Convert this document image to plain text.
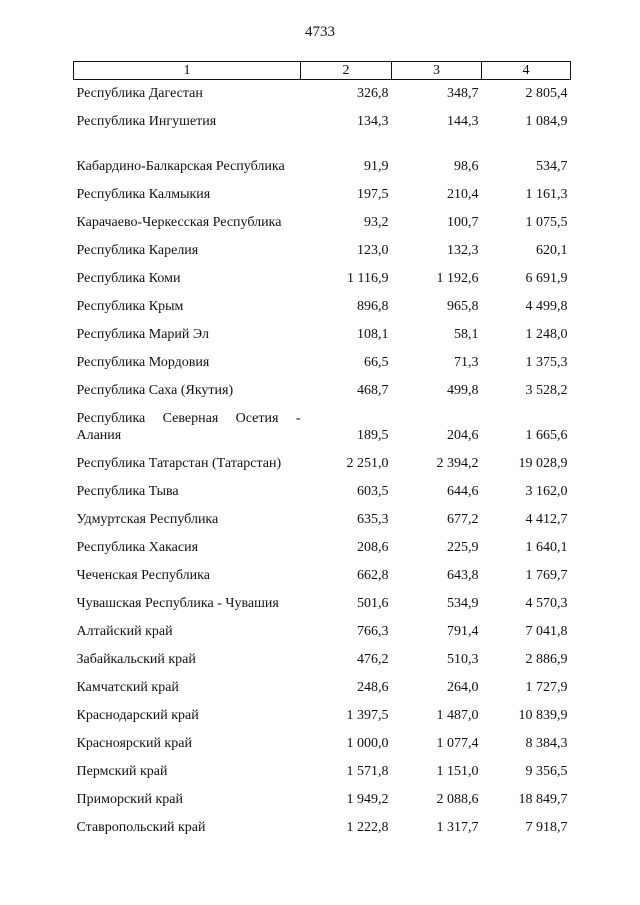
4733
1	2	3	4
Республика Дагестан	326,8	348,7	2 805,4
Республика Ингушетия	134,3	144,3	1 084,9
Кабардино-Балкарская Республика	91,9	98,6	534,7
Республика Калмыкия	197,5	210,4	1 161,3
Карачаево-Черкесская Республика	93,2	100,7	1 075,5
Республика Карелия	123,0	132,3	620,1
Республика Коми	1 116,9	1 192,6	6 691,9
Республика Крым	896,8	965,8	4 499,8
Республика Марий Эл	108,1	58,1	1 248,0
Республика Мордовия	66,5	71,3	1 375,3
Республика Саха (Якутия)	468,7	499,8	3 528,2

Республика Северная Осетия - Алания	189,5	204,6	1 665,6
Республика Татарстан (Татарстан)	2 251,0	2 394,2	19 028,9
Республика Тыва	603,5	644,6	3 162,0
Удмуртская Республика	635,3	677,2	4 412,7
Республика Хакасия	208,6	225,9	1 640,1
Чеченская Республика	662,8	643,8	1 769,7
Чувашская Республика - Чувашия	501,6	534,9	4 570,3
Алтайский край	766,3	791,4	7 041,8
Забайкальский край	476,2	510,3	2 886,9
Камчатский край	248,6	264,0	1 727,9
Краснодарский край	1 397,5	1 487,0	10 839,9
Красноярский край	1 000,0	1 077,4	8 384,3
Пермский край	1 571,8	1 151,0	9 356,5
Приморский край	1 949,2	2 088,6	18 849,7
Ставропольский край	1 222,8	1 317,7	7 918,7
